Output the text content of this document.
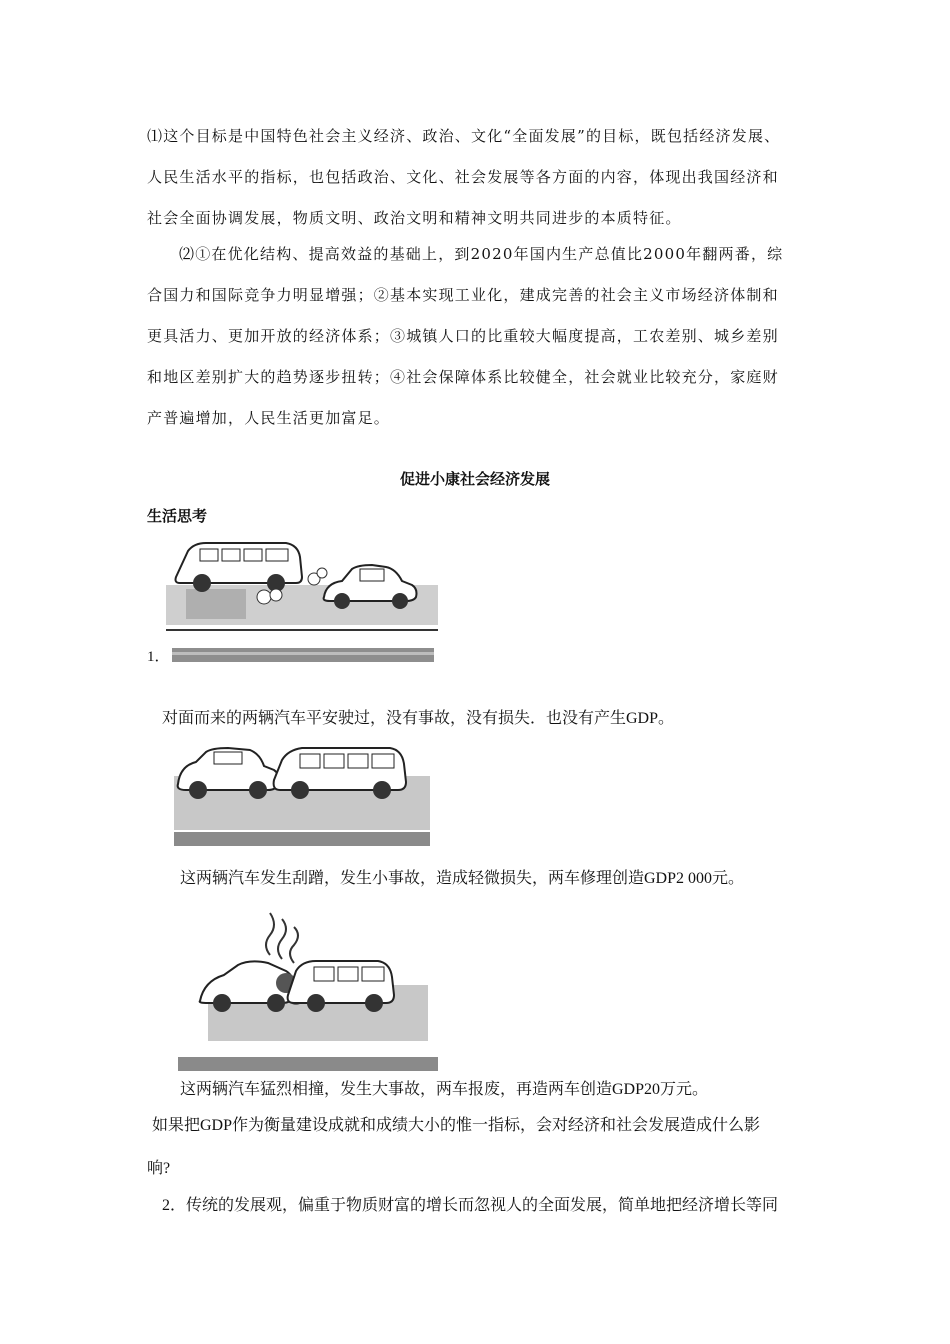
⑴这个目标是中国特色社会主义经济、政治、文化“全面发展”的目标，既包括经济发展、

人民生活水平的指标，也包括政治、文化、社会发展等各方面的内容，体现出我国经济和

社会全面协调发展，物质文明、政治文明和精神文明共同进步的本质特征。

⑵①在优化结构、提高效益的基础上，到2020年国内生产总值比2000年翻两番，综

合国力和国际竞争力明显增强；②基本实现工业化，建成完善的社会主义市场经济体制和

更具活力、更加开放的经济体系；③城镇人口的比重较大幅度提高，工农差别、城乡差别

和地区差别扩大的趋势逐步扭转；④社会保障体系比较健全，社会就业比较充分，家庭财

产普遍增加，人民生活更加富足。

促进小康社会经济发展
生活思考
1．
对面而来的两辆汽车平安驶过，没有事故，没有损失．也没有产生GDP。
这两辆汽车发生刮蹭，发生小事故，造成轻微损失，两车修理创造GDP2 000元。
这两辆汽车猛烈相撞，发生大事故，两车报废，再造两车创造GDP20万元。
如果把GDP作为衡量建设成就和成绩大小的惟一指标，会对经济和社会发展造成什么影
响?
2．传统的发展观，偏重于物质财富的增长而忽视人的全面发展，简单地把经济增长等同
